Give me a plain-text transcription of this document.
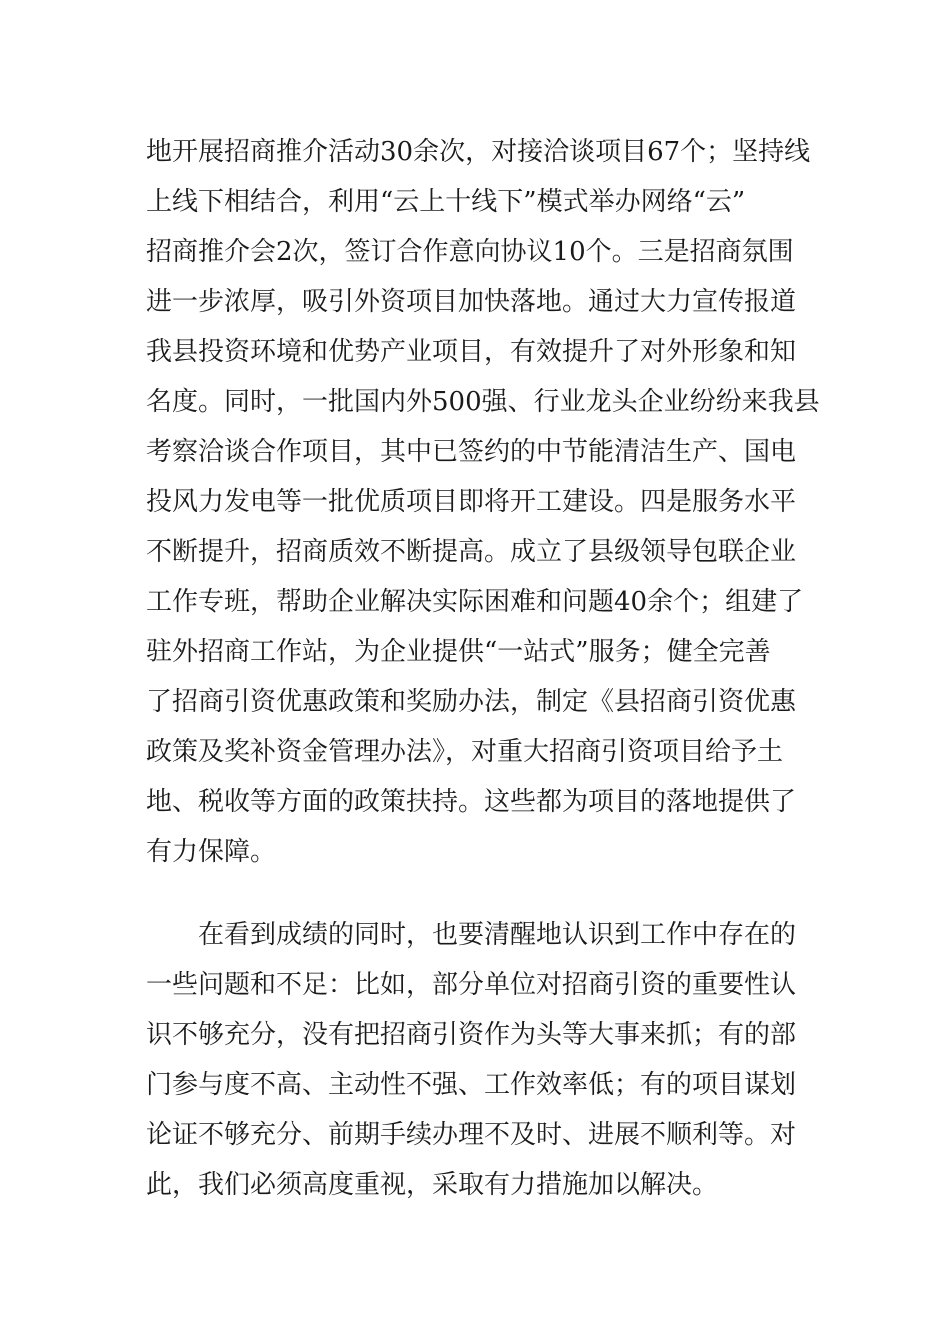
地开展招商推介活动30余次，对接洽谈项目67个；坚持线
上线下相结合，利用“云上十线下”模式举办网络“云”
招商推介会2次，签订合作意向协议10个。三是招商氛围
进一步浓厚，吸引外资项目加快落地。通过大力宣传报道
我县投资环境和优势产业项目，有效提升了对外形象和知
名度。同时，一批国内外500强、行业龙头企业纷纷来我县
考察洽谈合作项目，其中已签约的中节能清洁生产、国电
投风力发电等一批优质项目即将开工建设。四是服务水平
不断提升，招商质效不断提高。成立了县级领导包联企业
工作专班，帮助企业解决实际困难和问题40余个；组建了
驻外招商工作站，为企业提供“一站式”服务；健全完善
了招商引资优惠政策和奖励办法，制定《县招商引资优惠
政策及奖补资金管理办法》，对重大招商引资项目给予土
地、税收等方面的政策扶持。这些都为项目的落地提供了
有力保障。
在看到成绩的同时，也要清醒地认识到工作中存在的
一些问题和不足：比如，部分单位对招商引资的重要性认
识不够充分，没有把招商引资作为头等大事来抓；有的部
门参与度不高、主动性不强、工作效率低；有的项目谋划
论证不够充分、前期手续办理不及时、进展不顺利等。对
此，我们必须高度重视，采取有力措施加以解决。
